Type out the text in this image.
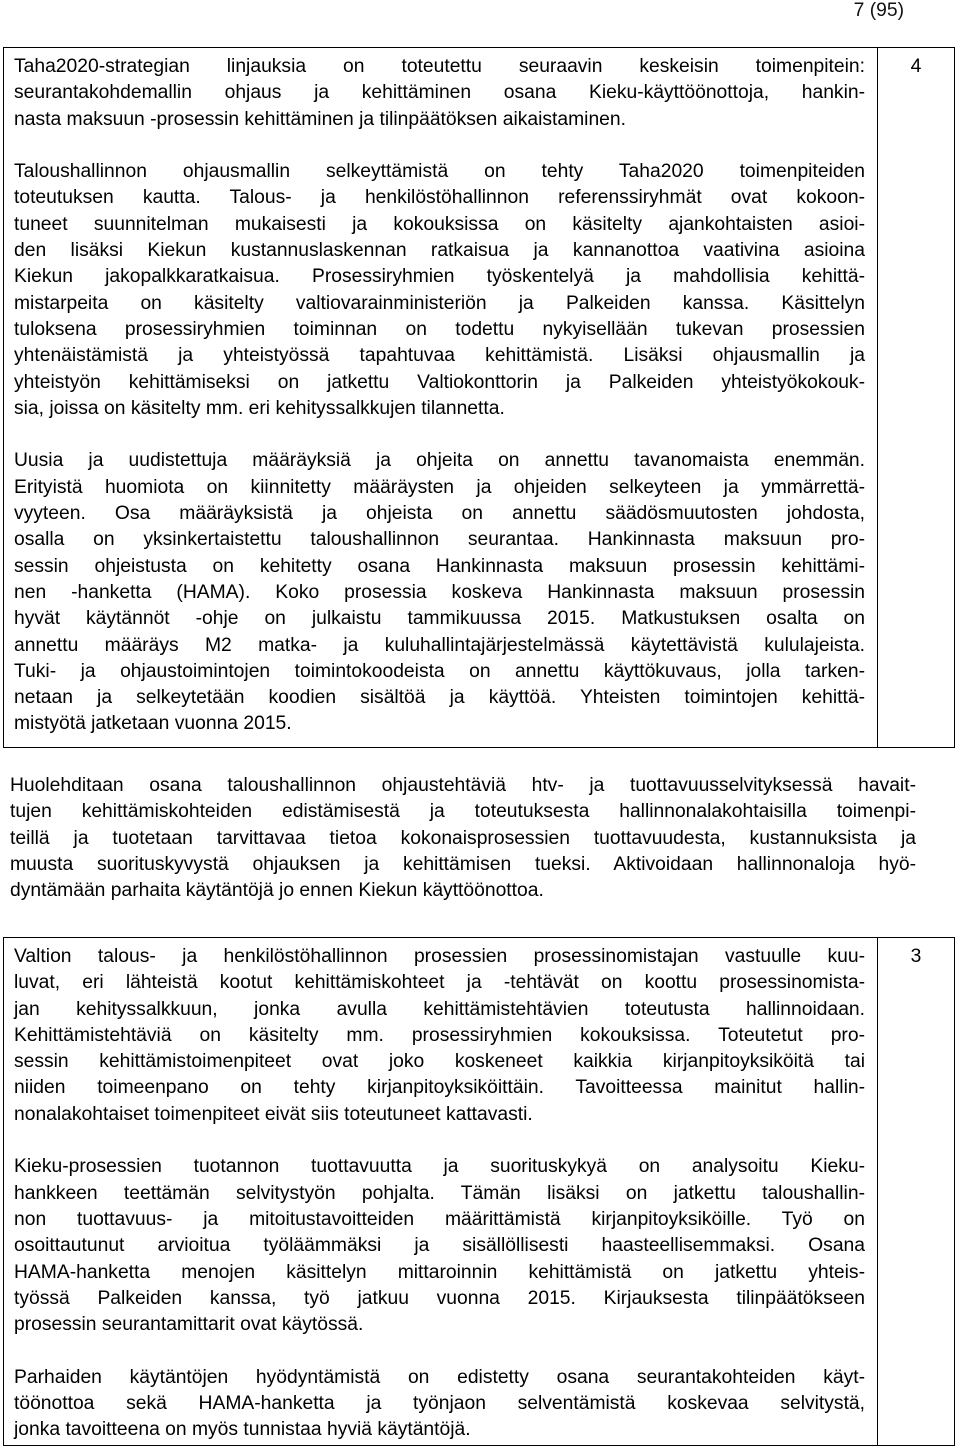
7 (95)
Taha2020-strategian linjauksia on toteutettu seuraavin keskeisin toimenpitein:
seurantakohdemallin ohjaus ja kehittäminen osana Kieku-käyttöönottoja, hankin-
nasta maksuun -prosessin kehittäminen ja tilinpäätöksen aikaistaminen.
Taloushallinnon ohjausmallin selkeyttämistä on tehty Taha2020 toimenpiteiden
toteutuksen kautta. Talous- ja henkilöstöhallinnon referenssiryhmät ovat kokoon-
tuneet suunnitelman mukaisesti ja kokouksissa on käsitelty ajankohtaisten asioi-
den lisäksi Kiekun kustannuslaskennan ratkaisua ja kannanottoa vaativina asioina
Kiekun jakopalkkaratkaisua. Prosessiryhmien työskentelyä ja mahdollisia kehittä-
mistarpeita on käsitelty valtiovarainministeriön ja Palkeiden kanssa. Käsittelyn
tuloksena prosessiryhmien toiminnan on todettu nykyisellään tukevan prosessien
yhtenäistämistä ja yhteistyössä tapahtuvaa kehittämistä. Lisäksi ohjausmallin ja
yhteistyön kehittämiseksi on jatkettu Valtiokonttorin ja Palkeiden yhteistyökokouk-
sia, joissa on käsitelty mm. eri kehityssalkkujen tilannetta.
Uusia ja uudistettuja määräyksiä ja ohjeita on annettu tavanomaista enemmän.
Erityistä huomiota on kiinnitetty määräysten ja ohjeiden selkeyteen ja ymmärrettä-
vyyteen. Osa määräyksistä ja ohjeista on annettu säädösmuutosten johdosta,
osalla on yksinkertaistettu taloushallinnon seurantaa. Hankinnasta maksuun pro-
sessin ohjeistusta on kehitetty osana Hankinnasta maksuun prosessin kehittämi-
nen -hanketta (HAMA). Koko prosessia koskeva Hankinnasta maksuun prosessin
hyvät käytännöt -ohje on julkaistu tammikuussa 2015. Matkustuksen osalta on
annettu määräys M2 matka- ja kuluhallintajärjestelmässä käytettävistä kululajeista.
Tuki- ja ohjaustoimintojen toimintokoodeista on annettu käyttökuvaus, jolla tarken-
netaan ja selkeytetään koodien sisältöä ja käyttöä. Yhteisten toimintojen kehittä-
mistyötä jatketaan vuonna 2015.
4
Huolehditaan osana taloushallinnon ohjaustehtäviä htv- ja tuottavuusselvityksessä havait-
tujen kehittämiskohteiden edistämisestä ja toteutuksesta hallinnonalakohtaisilla toimenpi-
teillä ja tuotetaan tarvittavaa tietoa kokonaisprosessien tuottavuudesta, kustannuksista ja
muusta suorituskyvystä ohjauksen ja kehittämisen tueksi. Aktivoidaan hallinnonaloja hyö-
dyntämään parhaita käytäntöjä jo ennen Kiekun käyttöönottoa.
Valtion talous- ja henkilöstöhallinnon prosessien prosessinomistajan vastuulle kuu-
luvat, eri lähteistä kootut kehittämiskohteet ja -tehtävät on koottu prosessinomista-
jan kehityssalkkuun, jonka avulla kehittämistehtävien toteutusta hallinnoidaan.
Kehittämistehtäviä on käsitelty mm. prosessiryhmien kokouksissa. Toteutetut pro-
sessin kehittämistoimenpiteet ovat joko koskeneet kaikkia kirjanpitoyksiköitä tai
niiden toimeenpano on tehty kirjanpitoyksiköittäin. Tavoitteessa mainitut hallin-
nonalakohtaiset toimenpiteet eivät siis toteutuneet kattavasti.
Kieku-prosessien tuotannon tuottavuutta ja suorituskykyä on analysoitu Kieku-
hankkeen teettämän selvitystyön pohjalta. Tämän lisäksi on jatkettu taloushallin-
non tuottavuus- ja mitoitustavoitteiden määrittämistä kirjanpitoyksiköille. Työ on
osoittautunut arvioitua työläämmäksi ja sisällöllisesti haasteellisemmaksi. Osana
HAMA-hanketta menojen käsittelyn mittaroinnin kehittämistä on jatkettu yhteis-
työssä Palkeiden kanssa, työ jatkuu vuonna 2015. Kirjauksesta tilinpäätökseen
prosessin seurantamittarit ovat käytössä.
Parhaiden käytäntöjen hyödyntämistä on edistetty osana seurantakohteiden käyt-
töönottoa sekä HAMA-hanketta ja työnjaon selventämistä koskevaa selvitystä,
jonka tavoitteena on myös tunnistaa hyviä käytäntöjä.
3
